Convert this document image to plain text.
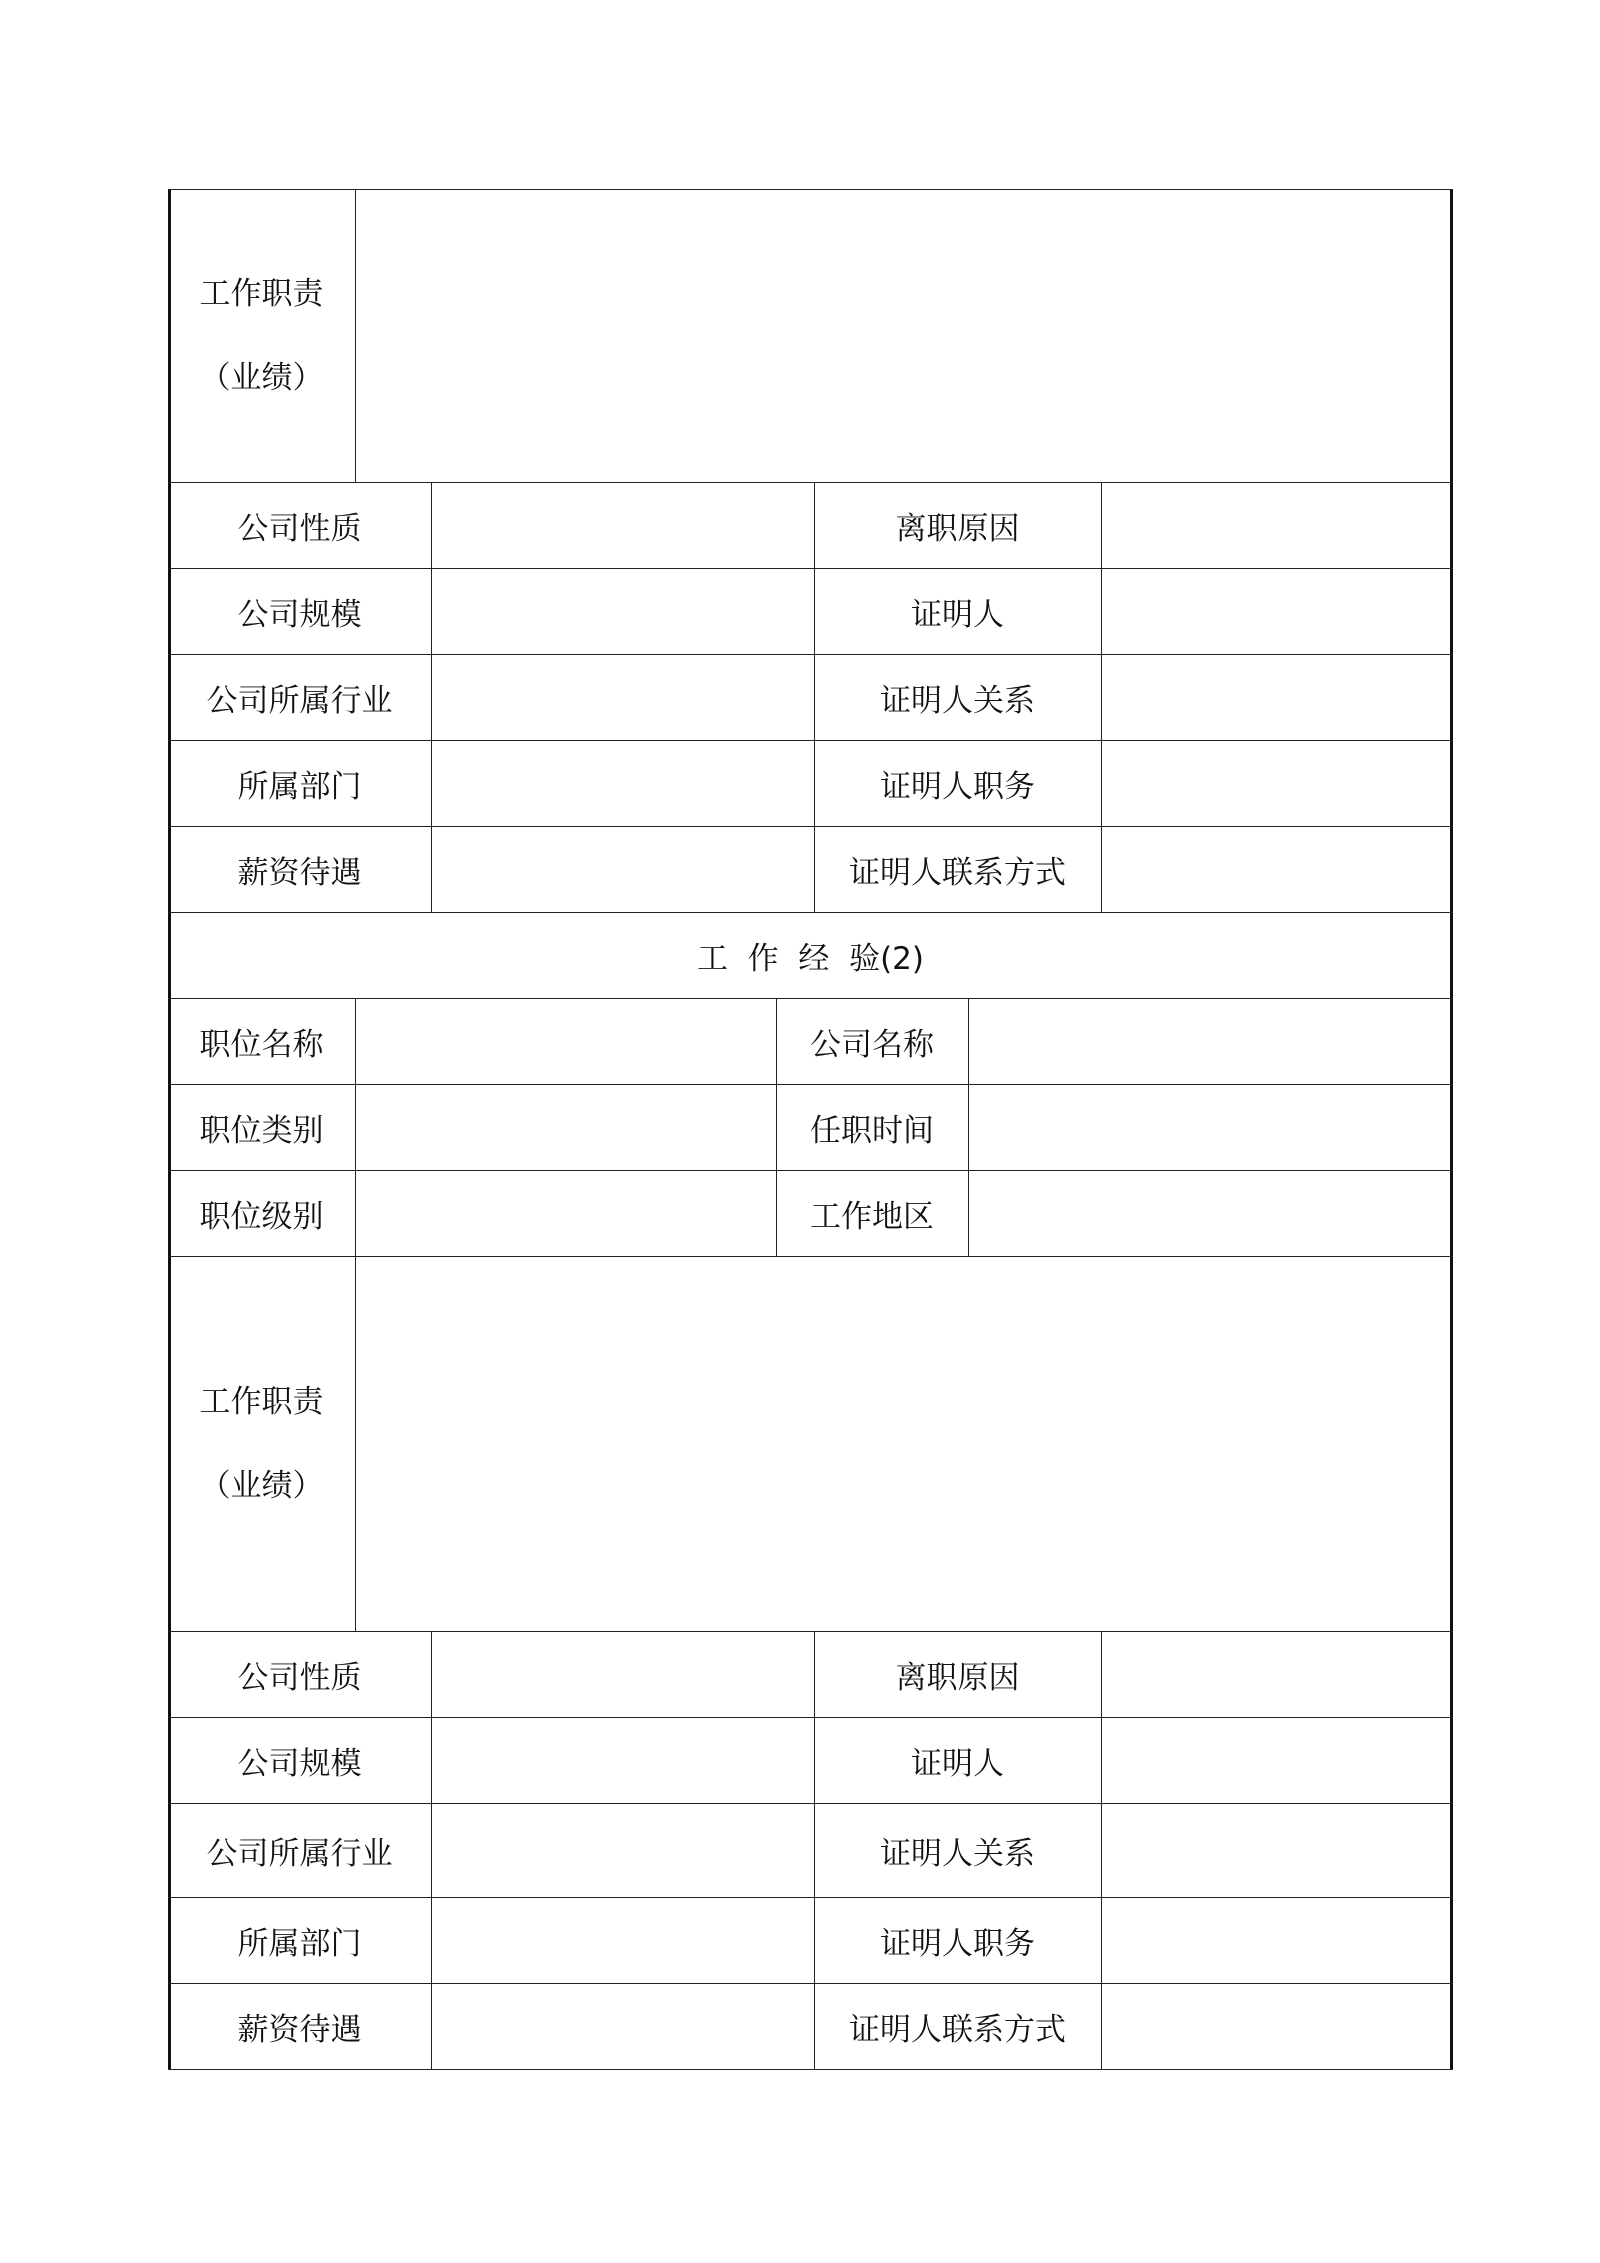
工作职责
（业绩）
公司性质	离职原因
公司规模	证明人
公司所属行业	证明人关系
所属部门	证明人职务
薪资待遇	证明人联系方式
工  作  经  验(2)
职位名称	公司名称
职位类别	任职时间
职位级别	工作地区
工作职责
（业绩）
公司性质	离职原因
公司规模	证明人
公司所属行业	证明人关系
所属部门	证明人职务
薪资待遇	证明人联系方式
